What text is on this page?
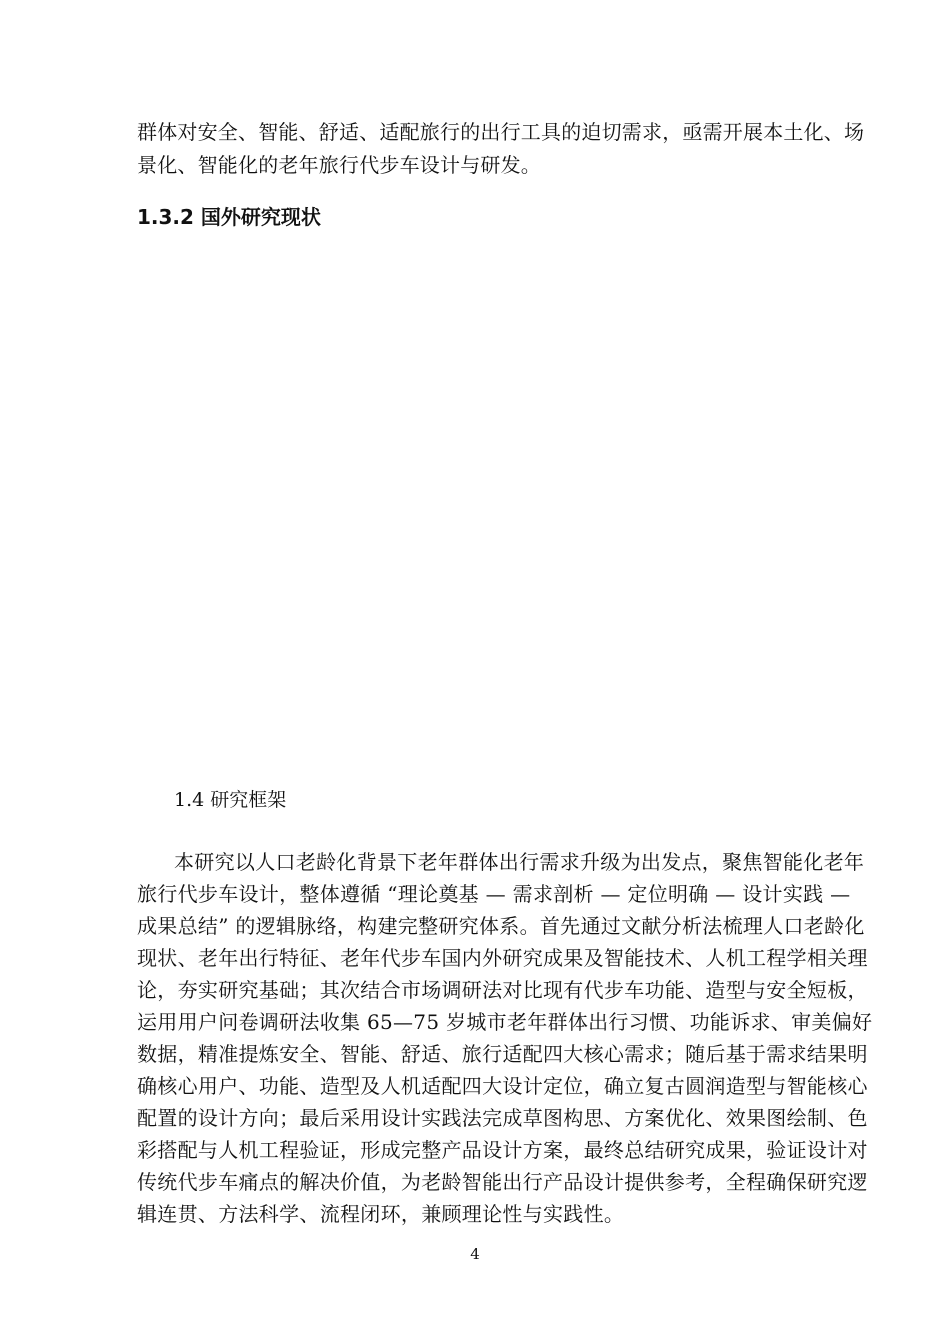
群体对安全、智能、舒适、适配旅行的出行工具的迫切需求，亟需开展本土化、场
景化、智能化的老年旅行代步车设计与研发。
1.3.2 国外研究现状
1.4 研究框架
本研究以人口老龄化背景下老年群体出行需求升级为出发点，聚焦智能化老年
旅行代步车设计，整体遵循 “理论奠基 — 需求剖析 — 定位明确 — 设计实践 —
成果总结” 的逻辑脉络，构建完整研究体系。首先通过文献分析法梳理人口老龄化
现状、老年出行特征、老年代步车国内外研究成果及智能技术、人机工程学相关理
论，夯实研究基础；其次结合市场调研法对比现有代步车功能、造型与安全短板，
运用用户问卷调研法收集 65—75 岁城市老年群体出行习惯、功能诉求、审美偏好
数据，精准提炼安全、智能、舒适、旅行适配四大核心需求；随后基于需求结果明
确核心用户、功能、造型及人机适配四大设计定位，确立复古圆润造型与智能核心
配置的设计方向；最后采用设计实践法完成草图构思、方案优化、效果图绘制、色
彩搭配与人机工程验证，形成完整产品设计方案，最终总结研究成果，验证设计对
传统代步车痛点的解决价值，为老龄智能出行产品设计提供参考，全程确保研究逻
辑连贯、方法科学、流程闭环，兼顾理论性与实践性。
4
